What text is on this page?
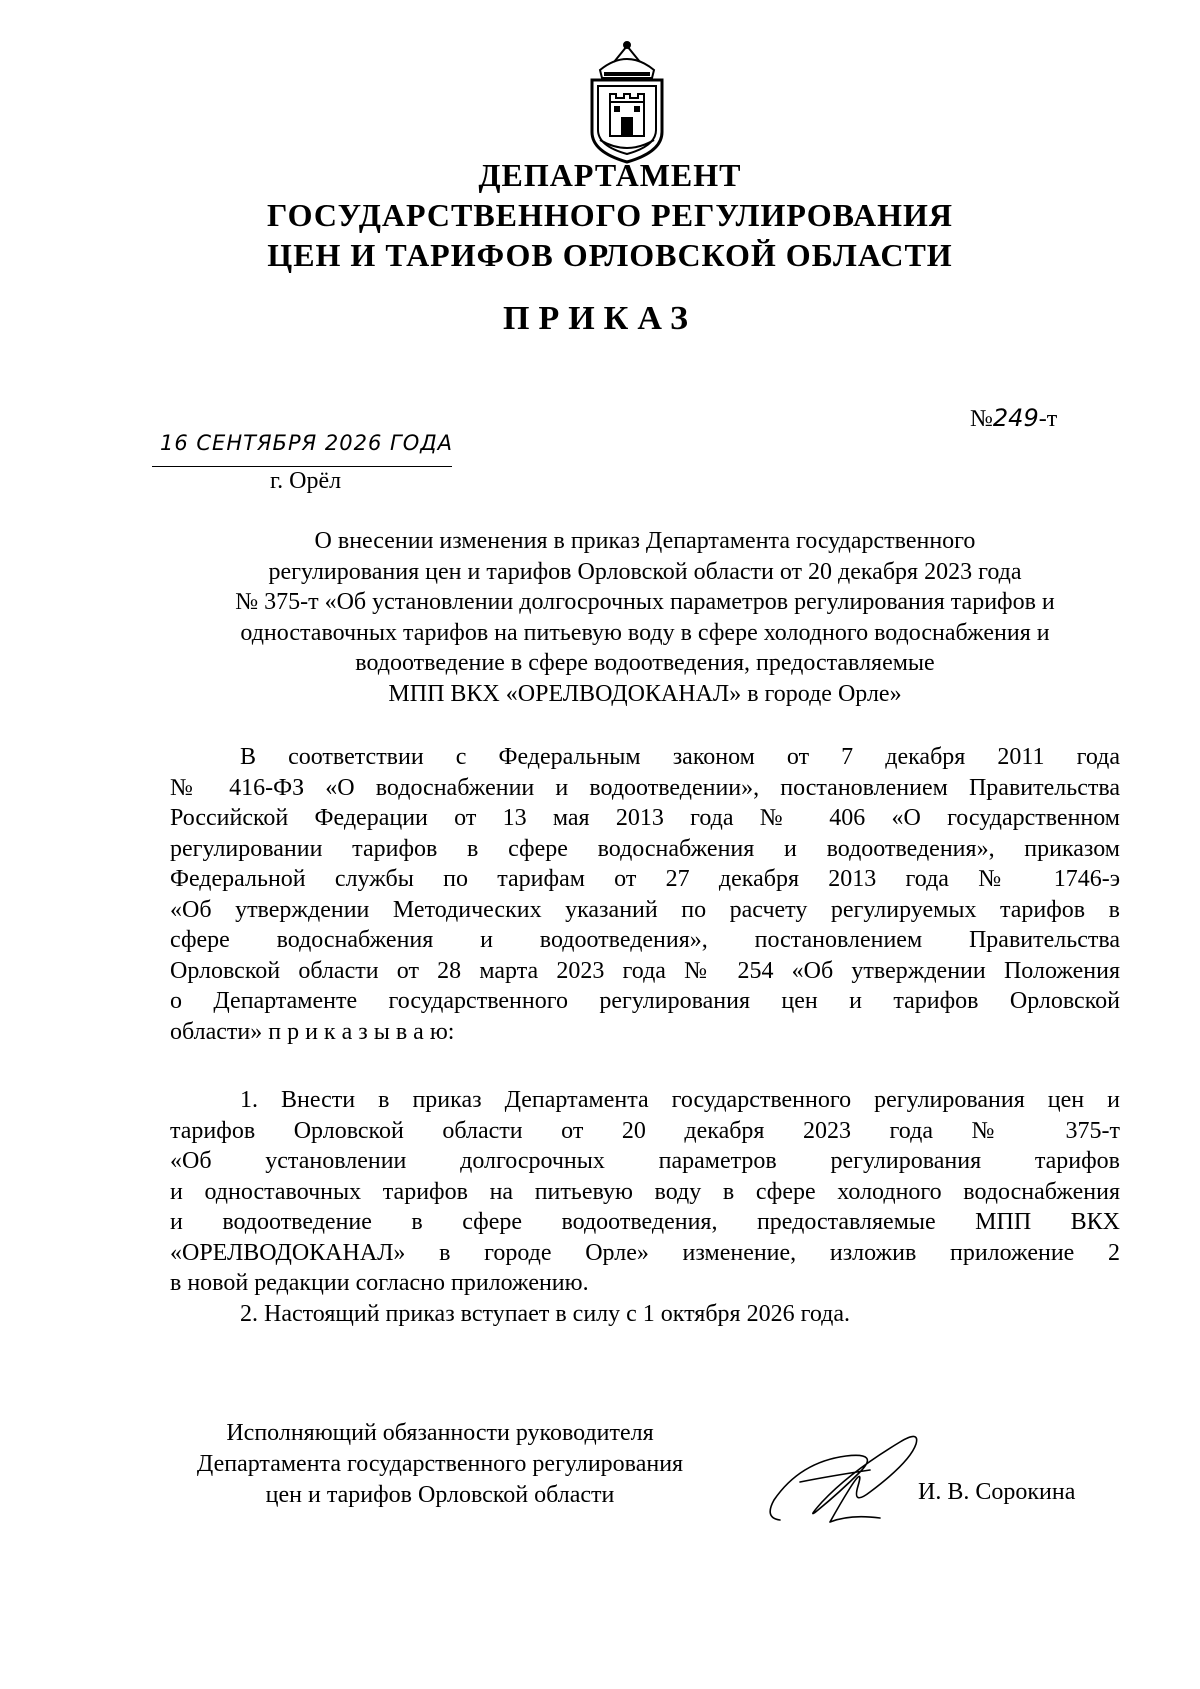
ДЕПАРТАМЕНТ
ГОСУДАРСТВЕННОГО РЕГУЛИРОВАНИЯ
ЦЕН И ТАРИФОВ ОРЛОВСКОЙ ОБЛАСТИ
ПРИКАЗ
№249-т
16 СЕНТЯБРЯ 2026 ГОДА
г. Орёл
О внесении изменения в приказ Департамента государственного
регулирования цен и тарифов Орловской области от 20 декабря 2023 года
№ 375-т «Об установлении долгосрочных параметров регулирования тарифов и
одноставочных тарифов на питьевую воду в сфере холодного водоснабжения и
водоотведение в сфере водоотведения, предоставляемые
МПП ВКХ «ОРЕЛВОДОКАНАЛ» в городе Орле»
В соответствии с Федеральным законом от 7 декабря 2011 года
№ 416-ФЗ «О водоснабжении и водоотведении», постановлением Правительства
Российской Федерации от 13 мая 2013 года № 406 «О государственном
регулировании тарифов в сфере водоснабжения и водоотведения», приказом
Федеральной службы по тарифам от 27 декабря 2013 года № 1746-э
«Об утверждении Методических указаний по расчету регулируемых тарифов в
сфере водоснабжения и водоотведения», постановлением Правительства
Орловской области от 28 марта 2023 года № 254 «Об утверждении Положения
о Департаменте государственного регулирования цен и тарифов Орловской
области» п р и к а з ы в а ю:
1. Внести в приказ Департамента государственного регулирования цен и
тарифов Орловской области от 20 декабря 2023 года № 375-т
«Об установлении долгосрочных параметров регулирования тарифов
и одноставочных тарифов на питьевую воду в сфере холодного водоснабжения
и водоотведение в сфере водоотведения, предоставляемые МПП ВКХ
«ОРЕЛВОДОКАНАЛ» в городе Орле» изменение, изложив приложение 2
в новой редакции согласно приложению.
2. Настоящий приказ вступает в силу с 1 октября 2026 года.
Исполняющий обязанности руководителя
Департамента государственного регулирования
цен и тарифов Орловской области	И. В. Сорокина
